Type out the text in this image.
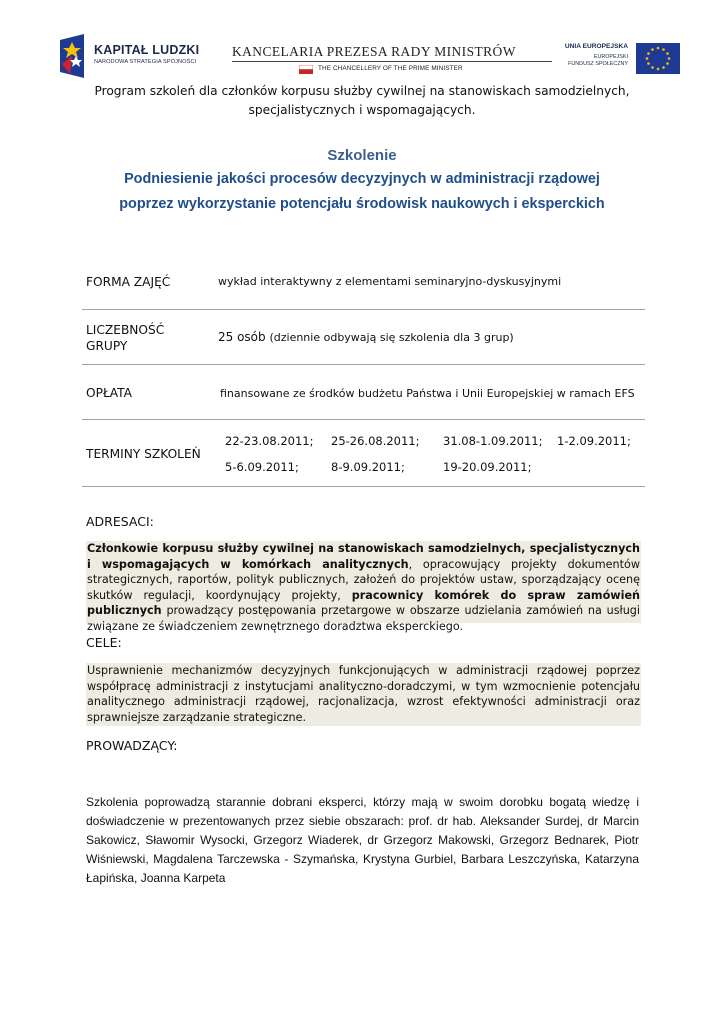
KAPITAŁ LUDZKI
NARODOWA STRATEGIA SPÓJNOŚCI
KANCELARIA PREZESA RADY MINISTRÓW
THE CHANCELLERY OF THE PRIME MINISTER
UNIA EUROPEJSKA
EUROPEJSKI
FUNDUSZ SPOŁECZNY
Program szkoleń dla członków korpusu służby cywilnej na stanowiskach samodzielnych,
specjalistycznych i wspomagających.
Szkolenie
Podniesienie jakości procesów decyzyjnych w administracji rządowej
poprzez wykorzystanie potencjału środowisk naukowych i eksperckich
FORMA ZAJĘĆ	wykład interaktywny z elementami seminaryjno-dyskusyjnymi
LICZEBNOŚĆ
GRUPY
25 osób (dziennie odbywają się szkolenia dla 3 grup)
OPŁATA	finansowane ze środków budżetu Państwa i Unii Europejskiej w ramach EFS
TERMINY SZKOLEŃ
22-23.08.2011; 25-26.08.2011; 31.08-1.09.2011; 1-2.09.2011;
5-6.09.2011;	8-9.09.2011;	19-20.09.2011;
ADRESACI:
Członkowie korpusu służby cywilnej na stanowiskach samodzielnych, specjalistycznych i wspomagających w komórkach analitycznych, opracowujący projekty dokumentów strategicznych, raportów, polityk publicznych, założeń do projektów ustaw, sporządzający ocenę skutków regulacji, koordynujący projekty, pracownicy komórek do spraw zamówień publicznych prowadzący postępowania przetargowe w obszarze udzielania zamówień na usługi związane ze świadczeniem zewnętrznego doradztwa eksperckiego.
CELE:
Usprawnienie mechanizmów decyzyjnych funkcjonujących w administracji rządowej poprzez współpracę administracji z instytucjami analityczno-doradczymi, w tym wzmocnienie potencjału analitycznego administracji rządowej, racjonalizacja, wzrost efektywności administracji oraz sprawniejsze zarządzanie strategiczne.
PROWADZĄCY:
Szkolenia poprowadzą starannie dobrani eksperci, którzy mają w swoim dorobku bogatą wiedzę i doświadczenie w prezentowanych przez siebie obszarach: prof. dr hab. Aleksander Surdej, dr Marcin Sakowicz, Sławomir Wysocki, Grzegorz Wiaderek, dr Grzegorz Makowski, Grzegorz Bednarek, Piotr Wiśniewski, Magdalena Tarczewska - Szymańska, Krystyna Gurbiel, Barbara Leszczyńska, Katarzyna Łapińska, Joanna Karpeta
